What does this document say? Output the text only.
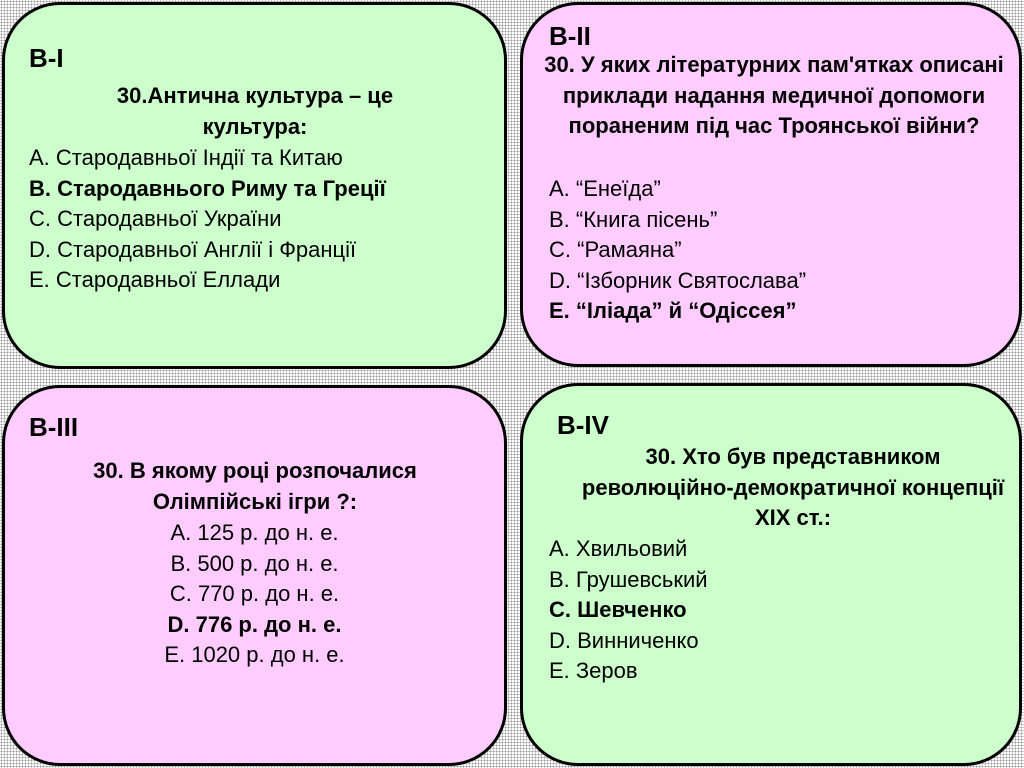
В-І
30.Антична культура – це культура:
А. Стародавньої Індії та Китаю
В. Стародавнього Риму та Греції
С. Стародавньої України
D. Стародавньої Англії і Франції
Е. Стародавньої Еллади
В-ІІ
30. У яких літературних пам'ятках описані приклади надання медичної допомоги пораненим під час Троянської війни?
А. “Енеїда”
В. “Книга пісень”
С. “Рамаяна”
D. “Ізборник Святослава”
Е. “Іліада” й “Одіссея”
В-ІІІ
30. В якому році розпочалися Олімпійські ігри ?:
А. 125 р. до н. е.
В. 500 р. до н. е.
С. 770 р. до н. е.
D. 776 р. до н. е.
Е. 1020 р. до н. е.
В-ІV
30. Хто був представником революційно-демократичної концепції ХІХ ст.:
А. Хвильовий
В. Грушевський
С. Шевченко
D. Винниченко
Е. Зеров
